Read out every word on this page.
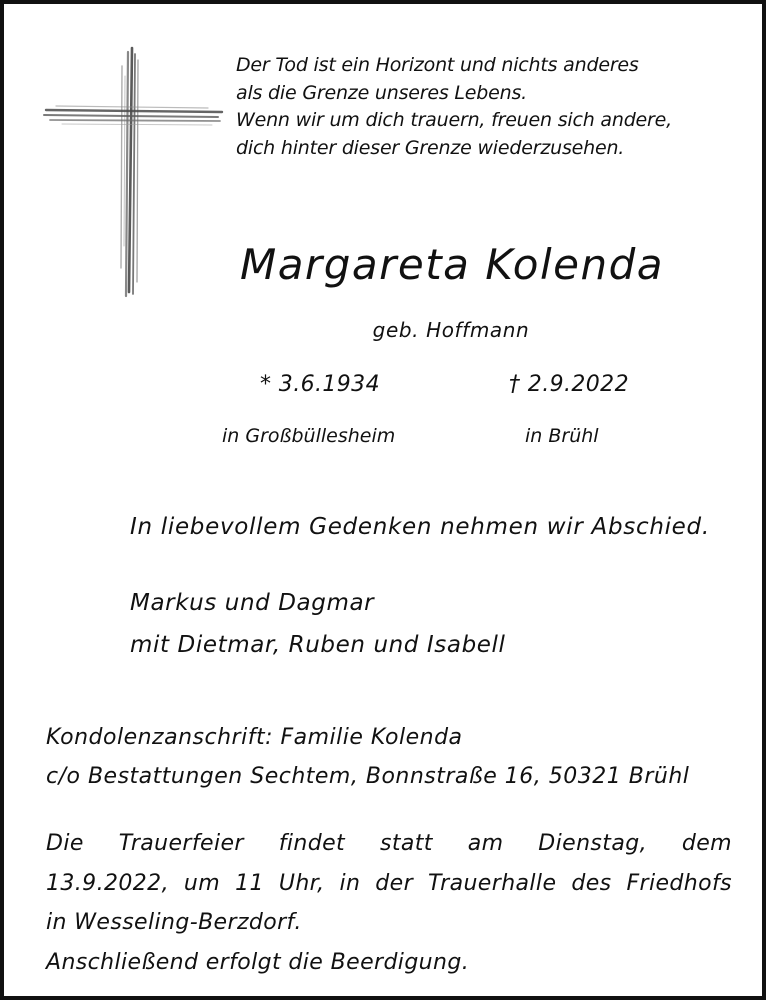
Der Tod ist ein Horizont und nichts anderes
als die Grenze unseres Lebens.
Wenn wir um dich trauern, freuen sich andere,
dich hinter dieser Grenze wiederzusehen.
Margareta Kolenda
geb. Hoffmann
* 3.6.1934	† 2.9.2022
in Großbüllesheim	in Brühl
In liebevollem Gedenken nehmen wir Abschied.
Markus und Dagmar
mit Dietmar, Ruben und Isabell
Kondolenzanschrift: Familie Kolenda
c/o Bestattungen Sechtem, Bonnstraße 16, 50321 Brühl
Die Trauerfeier findet statt am Dienstag, dem
13.9.2022, um 11 Uhr, in der Trauerhalle des Friedhofs
in Wesseling-Berzdorf.
Anschließend erfolgt die Beerdigung.
